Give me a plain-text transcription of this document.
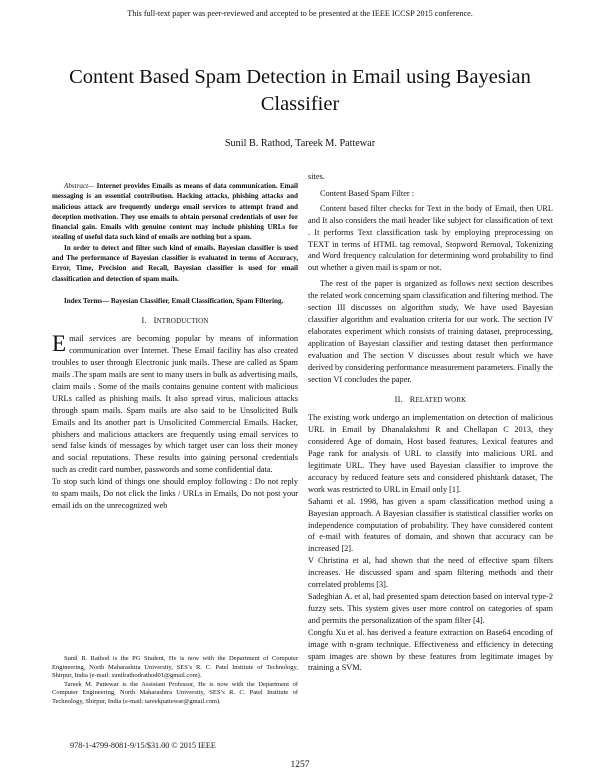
This full-text paper was peer-reviewed and accepted to be presented at the IEEE ICCSP 2015 conference.
Content Based Spam Detection in Email using Bayesian Classifier
Sunil B. Rathod, Tareek M. Pattewar

Abstract— Internet provides Emails as means of data communication. Email messaging is an essential contribution. Hacking attacks, phishing attacks and malicious attack are frequently undergo email services to attempt fraud and deception motivation. They use emails to obtain personal credentials of user for financial gain. Emails with genuine content may include phishing URLs for stealing of useful data such kind of emails are nothing but a spam.

In order to detect and filter such kind of emails. Bayesian classifier is used and The performance of Bayesian classifier is evaluated in terms of Accuracy, Error, Time, Precision and Recall, Bayesian classifier is used for email classification and detection of spam mails.

Index Terms— Bayesian Classifier, Email Classification, Spam Filtering.

I. INTRODUCTION

Email services are becoming popular by means of information communication over Internet. These Email facility has also created troubles to user through Electronic junk mails. These are called as Spam mails .The spam mails are sent to many users in bulk as advertising mails, claim mails . Some of the mails contains genuine content with malicious URLs called as phishing mails. It also spread virus, malicious attacks through spam mails. Spam mails are also said to be Unsolicited Bulk Emails and Its another part is Unsolicited Commercial Emails. Hacker, phishers and malicious attackers are frequently using email services to send false kinds of messages by which target user can loss their money and social reputations. These results into gaining personal credentials such as credit card number, passwords and some confidential data.

To stop such kind of things one should employ following : Do not reply to spam mails, Do not click the links / URLs in Emails, Do not post your email ids on the unrecognized web

Sunil B. Rathod is the PG Student, He is now with the Department of Computer Engineering, North Maharashtra University, SES’s R. C. Patel Institute of Technology, Shirpur, India (e-mail: sunilrathodrathod01@gmail.com).

Tareek M. Pattewar is the Assistant Professor, He is now with the Department of Computer Engineering, North Maharashtra University, SES’s R. C. Patel Institute of Technology, Shirpur, India (e-mail: tareekpattewar@gmail.com).

sites.

Content Based Spam Filter :

Content based filter checks for Text in the body of Email, then URL and It also considers the mail header like subject for classification of text . It performs Text classification task by employing preprocessing on TEXT in terms of HTML tag removal, Stopword Removal, Tokenizing and Word frequency calculation for determining word probability to find out whether a given mail is spam or not.

The rest of the paper is organized as follows next section describes the related work concerning spam classification and filtering method. The section III discusses on algorithm study, We have used Bayesian classifier algorithm and evaluation criteria for our work. The section IV elaborates experiment which consists of training dataset, preprocessing, application of Bayesian classifier and testing dataset then performance evaluation and The section V discusses about result which we have derived by considering performance measurement parameters. Finally the section VI concludes the paper.

II. RELATED WORK

The existing work undergo an implementation on detection of malicious URL in Email by Dhanalakshmi R and Chellapan C 2013, they considered Age of domain, Host based features, Lexical features and Page rank for analysis of URL to classify into malicious URL and legitimate URL. They have used Bayesian classifier to improve the accuracy by reduced feature sets and considered phishtank dataset, The work was restricted to URL in Email only [1].

Sahami et al. 1998, has given a spam classification method using a Bayesian approach. A Bayesian classifier is statistical classifier works on independence computation of probability. They have considered content of e-mail with features of domain, and shown that accuracy can be increased [2].

V Christina et al, had shown that the need of effective spam filters increases. He discussed spam and spam filtering methods and their correlated problems [3].

Sadeghian A. et al, had presented spam detection based on interval type-2 fuzzy sets. This system gives user more control on categories of spam and permits the personalization of the spam filter [4].

Congfu Xu et al. has derived a feature extraction on Base64 encoding of image with n-gram technique. Effectiveness and efficiency in detecting spam images are shown by these features from legitimate images by training a SVM.

978-1-4799-8081-9/15/$31.00 © 2015 IEEE
1257
